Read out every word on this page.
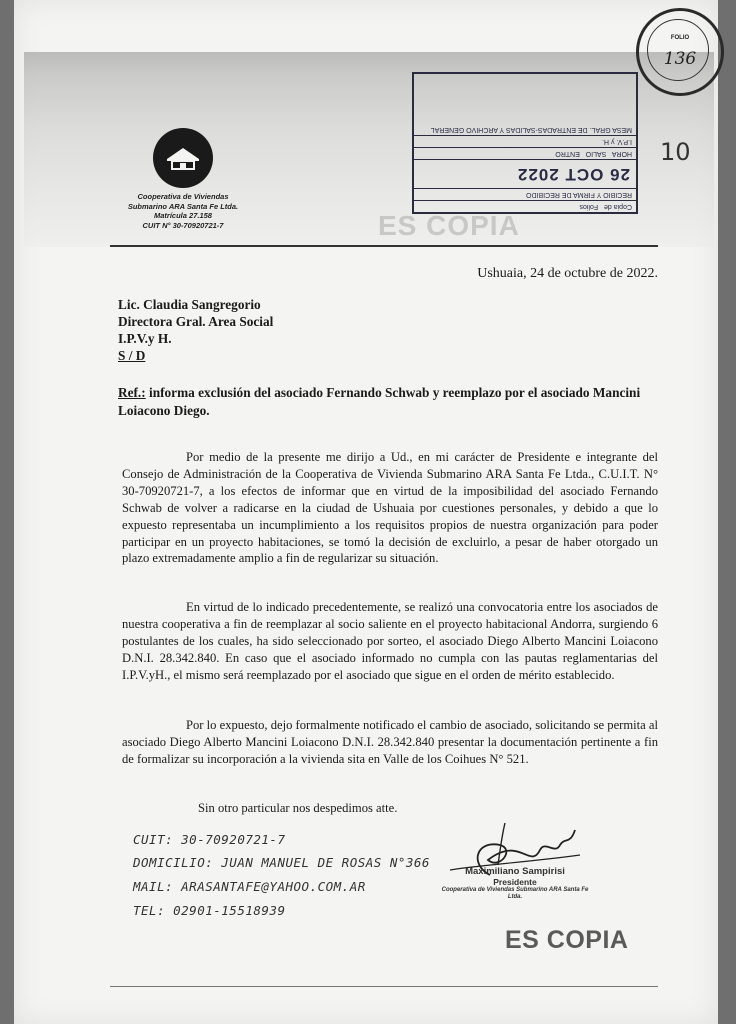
Cooperativa de Viviendas
Submarino ARA Santa Fe Ltda.
Matrícula 27.158
CUIT N° 30-70920721-7
Copia de   Folios
RECIBIO Y FIRMA DE RECIBIDO
26 OCT 2022
HORA   SALIO   ENTRO
I.P.V. y H.
MESA GRAL. DE ENTRADAS-SALIDAS Y ARCHIVO GENERAL
FOLIO
136
10
ES COPIA
Ushuaia, 24 de octubre de 2022.
Lic. Claudia Sangregorio
Directora Gral. Area Social
I.P.V.y H.
S / D
Ref.: informa exclusión del asociado Fernando Schwab y reemplazo por el asociado Mancini Loiacono Diego.
Por medio de la presente me dirijo a Ud., en mi carácter de Presidente e integrante del Consejo de Administración de la Cooperativa de Vivienda Submarino ARA Santa Fe Ltda., C.U.I.T. N° 30-70920721-7, a los efectos de informar que en virtud de la imposibilidad del asociado Fernando Schwab de volver a radicarse en la ciudad de Ushuaia por cuestiones personales, y debido a que lo expuesto representaba un incumplimiento a los requisitos propios de nuestra organización para poder participar en un proyecto habitaciones, se tomó la decisión de excluirlo, a pesar de haber otorgado un plazo extremadamente amplio a fin de regularizar su situación.
En virtud de lo indicado precedentemente, se realizó una convocatoria entre los asociados de nuestra cooperativa a fin de reemplazar al socio saliente en el proyecto habitacional Andorra, surgiendo 6 postulantes de los cuales, ha sido seleccionado por sorteo, el asociado Diego Alberto Mancini Loiacono D.N.I. 28.342.840. En caso que el asociado informado no cumpla con las pautas reglamentarias del I.P.V.yH., el mismo será reemplazado por el asociado que sigue en el orden de mérito establecido.
Por lo expuesto, dejo formalmente notificado el cambio de asociado, solicitando se permita al asociado Diego Alberto Mancini Loiacono D.N.I. 28.342.840 presentar la documentación pertinente a fin de formalizar su incorporación a la vivienda sita en Valle de los Coihues N° 521.
Sin otro particular nos despedimos atte.
CUIT: 30-70920721-7
DOMICILIO: JUAN MANUEL DE ROSAS N°366
MAIL: ARASANTAFE@YAHOO.COM.AR
TEL: 02901-15518939
Maximiliano Sampirisi
Presidente
Cooperativa de Viviendas Submarino ARA Santa Fe Ltda.
ES COPIA
